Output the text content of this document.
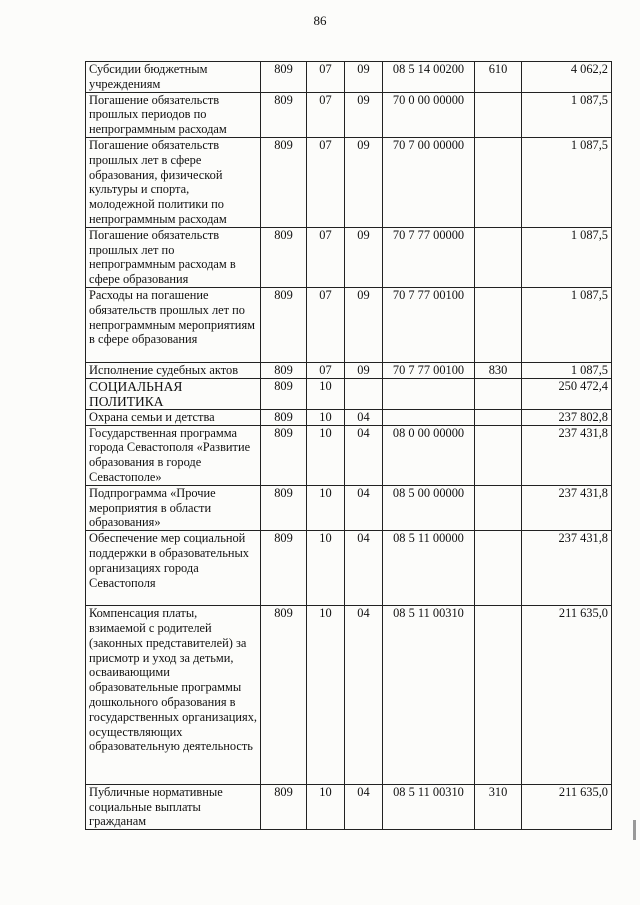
86
Субсидии бюджетным учреждениям	809	07	09	08 5 14 00200	610	4 062,2
Погашение обязательств прошлых периодов по непрограммным расходам	809	07	09	70 0 00 00000		1 087,5
Погашение обязательств прошлых лет в сфере образования, физической культуры и спорта, молодежной политики по непрограммным расходам	809	07	09	70 7 00 00000		1 087,5
Погашение обязательств прошлых лет по непрограммным расходам в сфере образования	809	07	09	70 7 77 00000		1 087,5
Расходы на погашение обязательств прошлых лет по непрограммным мероприятиям в сфере образования	809	07	09	70 7 77 00100		1 087,5
Исполнение судебных актов	809	07	09	70 7 77 00100	830	1 087,5
СОЦИАЛЬНАЯ ПОЛИТИКА	809	10				250 472,4
Охрана семьи и детства	809	10	04			237 802,8
Государственная программа города Севастополя «Развитие образования в городе Севастополе»	809	10	04	08 0 00 00000		237 431,8
Подпрограмма «Прочие мероприятия в области образования»	809	10	04	08 5 00 00000		237 431,8
Обеспечение мер социальной поддержки в образовательных организациях города Севастополя	809	10	04	08 5 11 00000		237 431,8
Компенсация платы, взимаемой с родителей (законных представителей) за присмотр и уход за детьми, осваивающими образовательные программы дошкольного образования в государственных организациях, осуществляющих образовательную деятельность	809	10	04	08 5 11 00310		211 635,0
Публичные нормативные социальные выплаты гражданам	809	10	04	08 5 11 00310	310	211 635,0
